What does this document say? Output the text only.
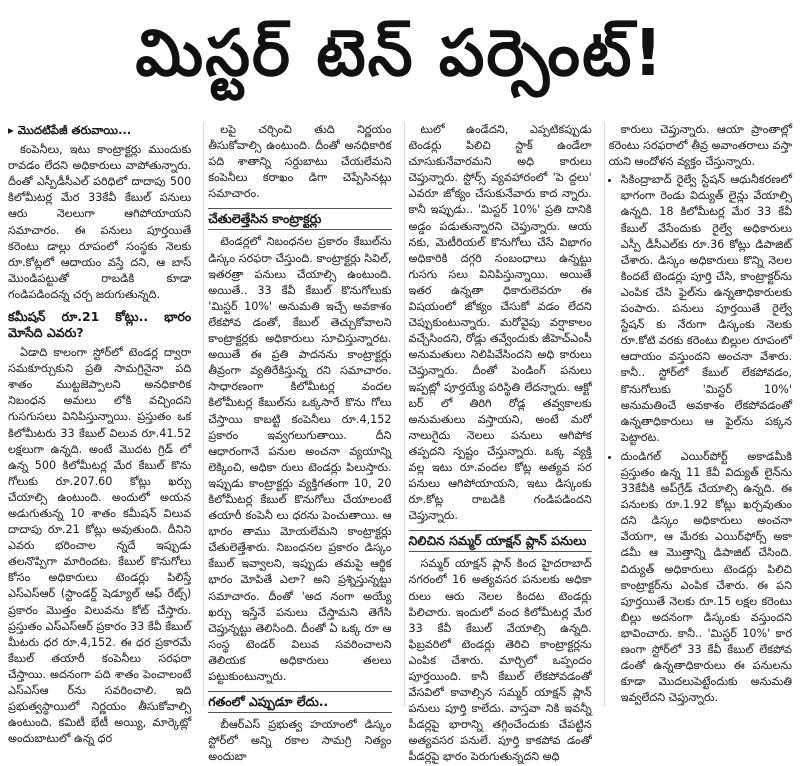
మిస్టర్ టెన్ పర్సెంట్!
▸ మొదటిపేజీ తరువాయి...

కంపెనీలు, ఇటు కాంట్రాక్టర్లు ముందుకు రావడం లేదని అధికారులు వాపోతున్నారు. దీంతో ఎస్పీడీసీఎల్ పరిధిలో దాదాపు 500 కిలోమీటర్ల మేర 33కేవీ కేబుల్ పనులు ఆరు నెలలుగా ఆగిపోయాయని సమాచారం. ఈ పనులు పూర్తయితే కరెంటు డాల్లు రూపంలో సంస్థకు నెలకు రూ.కోట్లలో ఆదాయం వస్తే దని, ఆ బాస్ మొండిపట్టుతో రాబడికి కూడా గండిపడిందన్న చర్చ జరుగుతున్నది.

కమీషన్ రూ.21 కోట్లు.. భారం మోసేది ఎవరు?

ఏడాది కాలంగా స్టోర్‌లో టెండర్ల ద్వారా సమకూర్చుకుని ప్రతి సామగ్రినైనా పది శాతం ముట్టజెప్పాలని అనధికారిక నిబంధన అమలు లోకి వచ్చిందని గుసగుసలు వినిపిస్తున్నాయి. ప్రస్తుతం ఒక కిలోమీటరు 33 కేబుల్ విలువ రూ.41.52 లక్షలుగా ఉన్నది. అంటే మొదట గ్రిడ్ లో ఉన్న 500 కిలోమీటర్ల మేర కేబుల్ కొను గోలుకు రూ.207.60 కోట్లు ఖర్చు చేయాల్సి ఉంటుంది. అందులో అయన అడుగుతున్న 10 శాతం కమీషన్ విలువ దాదాపు రూ.21 కోట్లు అవుతుంది. దీనిని ఎవరు భరించాల న్నదే ఇప్పుడు తలనొప్పిగా మారిందట. కేబుల్ కొనుగోలు కోసం అధికారులు టెండర్లు పిలిస్తే ఎస్ఎస్ఆర్ (స్టాండర్డ్ షెడ్యూల్ ఆఫ్ రేట్స్) ప్రకారం మొత్తం విలువను కోట్ చేస్తారు. ప్రస్తుతం ఎస్ఎస్ఆర్ ప్రకారం 33 కేవీ కేబుల్ మీటరు ధర రూ.4,152. ఈ ధర ప్రకారమే కేబుల్ తయారీ కంపెనీలు సరఫరా చేస్తాయి. అదనంగా పది శాతం పెంచాలంటే ఎస్ఎస్ఆ ర్‌ను సవరించాలి. ఇది ప్రభుత్వస్థాయిలో నిర్ణయం తీసుకోవాల్సి ఉంటుంది. కమిటీ భేటీ అయ్యి, మార్కెట్లో అందుబాటులో ఉన్న ధర

లపై చర్చించి తుది నిర్ణయం తీసుకోవాల్సి ఉంటుంది. దీంతో అనధికారిక పది శాతాన్ని సర్దుబాటు చేయలేమని కంపెనీలు కరాఖం డిగా చెప్పేసినట్లు సమాచారం.

చేతులెత్తేసిన కాంట్రాక్టర్లు

టెండర్లలో నిబంధనల ప్రకారం కేబుల్‌ను డిస్కం సరఫరా చేస్తుంది. కాంట్రాక్టర్లు సివిల్, ఇతరత్రా పనులు చేయాల్సి ఉంటుంది. అయితే.. 33 కేవీ కేబుల్ కొనుగోలుకు 'మిస్టర్ 10%' అనుమతి ఇచ్చే అవకాశం లేకపోవ డంతో, కేబుల్ తెచ్చుకోవాలని కాంట్రాక్టర్లకు అధికారులు సూచిస్తున్నారట. అయితే ఈ ప్రతి పాదనను కాంట్రాక్టర్లు తీవ్రంగా వ్యతిరేకిస్తున్న రని సమాచారం. సాధారణంగా కిలోమీటర్ల వందల కిలోమీటర్ల కేబుల్‌ను ఒక్కసారే కొను గోలు చేస్తాయి కాబట్టి కంపెనీలు రూ.4,152 ప్రకారం ఇవ్వగలుగుతాయి. దీని ఆధారంగానే పనుల అంచనా వ్యయాన్ని లెక్కించి, అధికా రులు టెండర్లు పిలుస్తారు. ఇప్పుడు కాంట్రాక్టర్లు వ్యక్తిగతంగా 10, 20 కిలోమీటర్ల కేబుల్ కొనుగోలు చేయాలంటే తయారీ కంపెనీ లు ధరను పెంచుతాయి. ఆ భారం తాము మోయలేమని కాంట్రాక్టర్లు చేతులెత్తేశారు. నిబంధనల ప్రకారం డిస్కం కేబుల్ ఇవ్వాలని, ఇప్పుడు తమపై ఆర్థిక భారం మోపితే ఎలా? అని ప్రశ్నిస్తున్నట్టు సమాచారం. దీంతో 'అద నంగా అయ్యే ఖర్చు ఇస్తేనే పనులు చేస్తామని తెగేసి చెప్తున్నట్టు తెలిసింది. దీంతో ఏ ఒక్క రూ ఆ సంస్థ టెండర్ విలువ సవరించాలని తెలియక అధికారులు తలలు పట్టుకుంటున్నారు.

గతంలో ఎప్పుడూ లేదు..

బీఆర్ఎస్ ప్రభుత్వ హయాంలో డిస్కం స్టోర్‌లో అన్ని రకాల సామగ్రి నిత్యం అందుబా

టులో ఉండేదని, ఎప్పటికప్పుడు టెండర్లు పిలిచి స్టాక్ ఉండేలా చూసుకునేవారమని అధి కారులు చెప్తున్నారు. స్టోర్స్ వ్యవహారంలో 'పె ద్దలు' ఎవరూ జోక్యం చేసుకునేవారు కాద న్నారు. కానీ ఇప్పుడు.. 'మిస్టర్ 10%' ప్రతి దానికి అడ్డం పడుతున్నారని చెప్తున్నారు. ఆయ నకు, మెటీరియల్ కొనుగోలు చేసే విభాగం అధికారికి దగ్గరి సంబంధాలు ఉన్నట్టు గుసగు సలు వినిపిస్తున్నాయి. అయితే ఇతర ఉన్నతా ధికారులెవరూ ఈ విషయంలో జోక్యం చేసుకో వడం లేదని చెప్పుకుంటున్నారు. మరోవైపు వర్షాకాలం వచ్చేసిందని, రోడ్లు తవ్వేందుకు జీహెచ్ఎంసీ అనుమతులు నిలిపివేసిందని అధి కారులు చెప్తున్నారు. దీంతో పెండింగ్ పనులు ఇప్పట్లో పూర్తయ్యే పరిస్థితి లేదన్నారు. ఆక్టో బర్ లో తిరిగి రోడ్ల తవ్వకాలకు అనుమతులు వస్తాయని, అంటే మరో నాలుగైదు నెలలు పనులు ఆగిపోక తప్పదని స్పష్టం చేస్తున్నారు. ఒక్క వ్యక్తి వల్ల ఇటు రూ.వందల కోట్ల అత్యవ సర పనులు ఆగిపోయాయని, ఇటు డిస్కంకు రూ.కోట్ల రాబడికి గండిపడిందని చెప్తున్నారు.

నిలిచిన సమ్మర్ యాక్షన్ ప్లాన్ పనులు

సమ్మర్ యాక్షన్ ప్లాన్ కింద హైదరాబాద్ నగరంలో 16 అత్యవసర పనులకు అధికా రులు ఆరు నెలల కిందట టెండర్లు పిలిచారు. ఇందులో వంద కిలోమీటర్ల మేర 33 కేవీ కేబుల్ వేయాల్సి ఉన్నది. ఫిబ్రవరిలో టెండర్లు తెరిచి కాంట్రాక్టర్లను ఎంపిక చేశారు. మార్చిలో ఒప్పందం పూర్తయింది. కానీ కేబుల్ లేకపోవడంతో వేసవిలో కావాల్సిన సమ్మర్ యాక్షన్ ప్లాన్ పనులు పూర్తి కాలేదు. వాస్తవా నికి ఇవన్నీ పీడర్లపై భారాన్ని తగ్గించేందుకు చేపట్టిన అత్యవసర పనులే. పూర్తి కాకపోవ డంతో పీడర్లపై భారం పెరుగుతున్నదని అధి

కారులు చెప్తున్నారు. ఆయా ప్రాంతాల్లో కరెంటు సరఫరాలో తీవ్ర అవాంతరాలు వస్తా యని ఆందోళన వ్యక్తం చేస్తున్నారు.

• సికింద్రాబాద్ రైల్వే స్టేషన్ ఆధునీకరణలో భాగంగా రెండు విద్యుత్ లైన్లు వేయాల్సి ఉన్నది. 18 కిలోమీటర్ల మేర 33 కేవీ కేబుల్ వేసేందుకు రైల్వే అధికారులు ఎస్పీ డీసీఎల్‌కు రూ.36 కోట్లు డిపాజిట్ చేశారు. డిస్కం అధికారులు కొన్ని నెలల కిందటే టెండర్లు పూర్తి చేసి, కాంట్రాక్టర్‌ను ఎంపిక చేసి ఫైల్‌ను ఉన్నతాధికారులకు పంపారు. పనులు పూర్తయితే రైల్వే స్టేషన్ కు నేరుగా డిస్కంకు నెలకు రూ.కోటి వరకు కరెంటు బిల్లుల రూపంలో ఆదాయం వస్తుందని అంచనా వేశారు. కానీ.. స్టోర్‌లో కేబుల్ లేకపోవడం, కొనుగోలుకు 'మిస్టర్ 10%' అనుమతించే అవకాశం లేకపోవడంతో ఉన్నతాధికారులు ఆ ఫైల్‌ను పక్కన పెట్టారట.
• దుండిగల్ ఎయిర్‌పోర్ట్ అకాడమీకి ప్రస్తుతం ఉన్న 11 కేవీ విద్యుత్ లైన్‌ను 33కేవీకి అప్‌గ్రేడ్ చేయాల్సి ఉన్నది. ఈ పనులకు రూ.1.92 కోట్లు ఖర్చవుతుం దని డిస్కం అధికారులు అంచనా వేయగా, ఆ మేరకు ఎయిర్‌ఫోర్స్ అకా డమీ ఆ మొత్తాన్ని డిపాజిట్ చేసింది. విద్యుత్ అధికారులు టెండర్లు పిలిచి కాంట్రాక్టర్‌ను ఎంపిక చేశారు. ఈ పని పూర్తయితే నెలకు రూ.15 లక్షల కరెంటు బిల్లు అదనంగా డిస్కంకు వస్తుందని భావించారు. కానీ.. 'మిస్టర్ 10%' కార ణంగా స్టోర్‌లో 33 కేవీ కేబుల్ లేకపోవ డంతో ఉన్నతాధికారులు ఈ పనులను కూడా మొదలుపెట్టేందుకు అనుమతి ఇవ్వలేదని చెప్తున్నారు.
